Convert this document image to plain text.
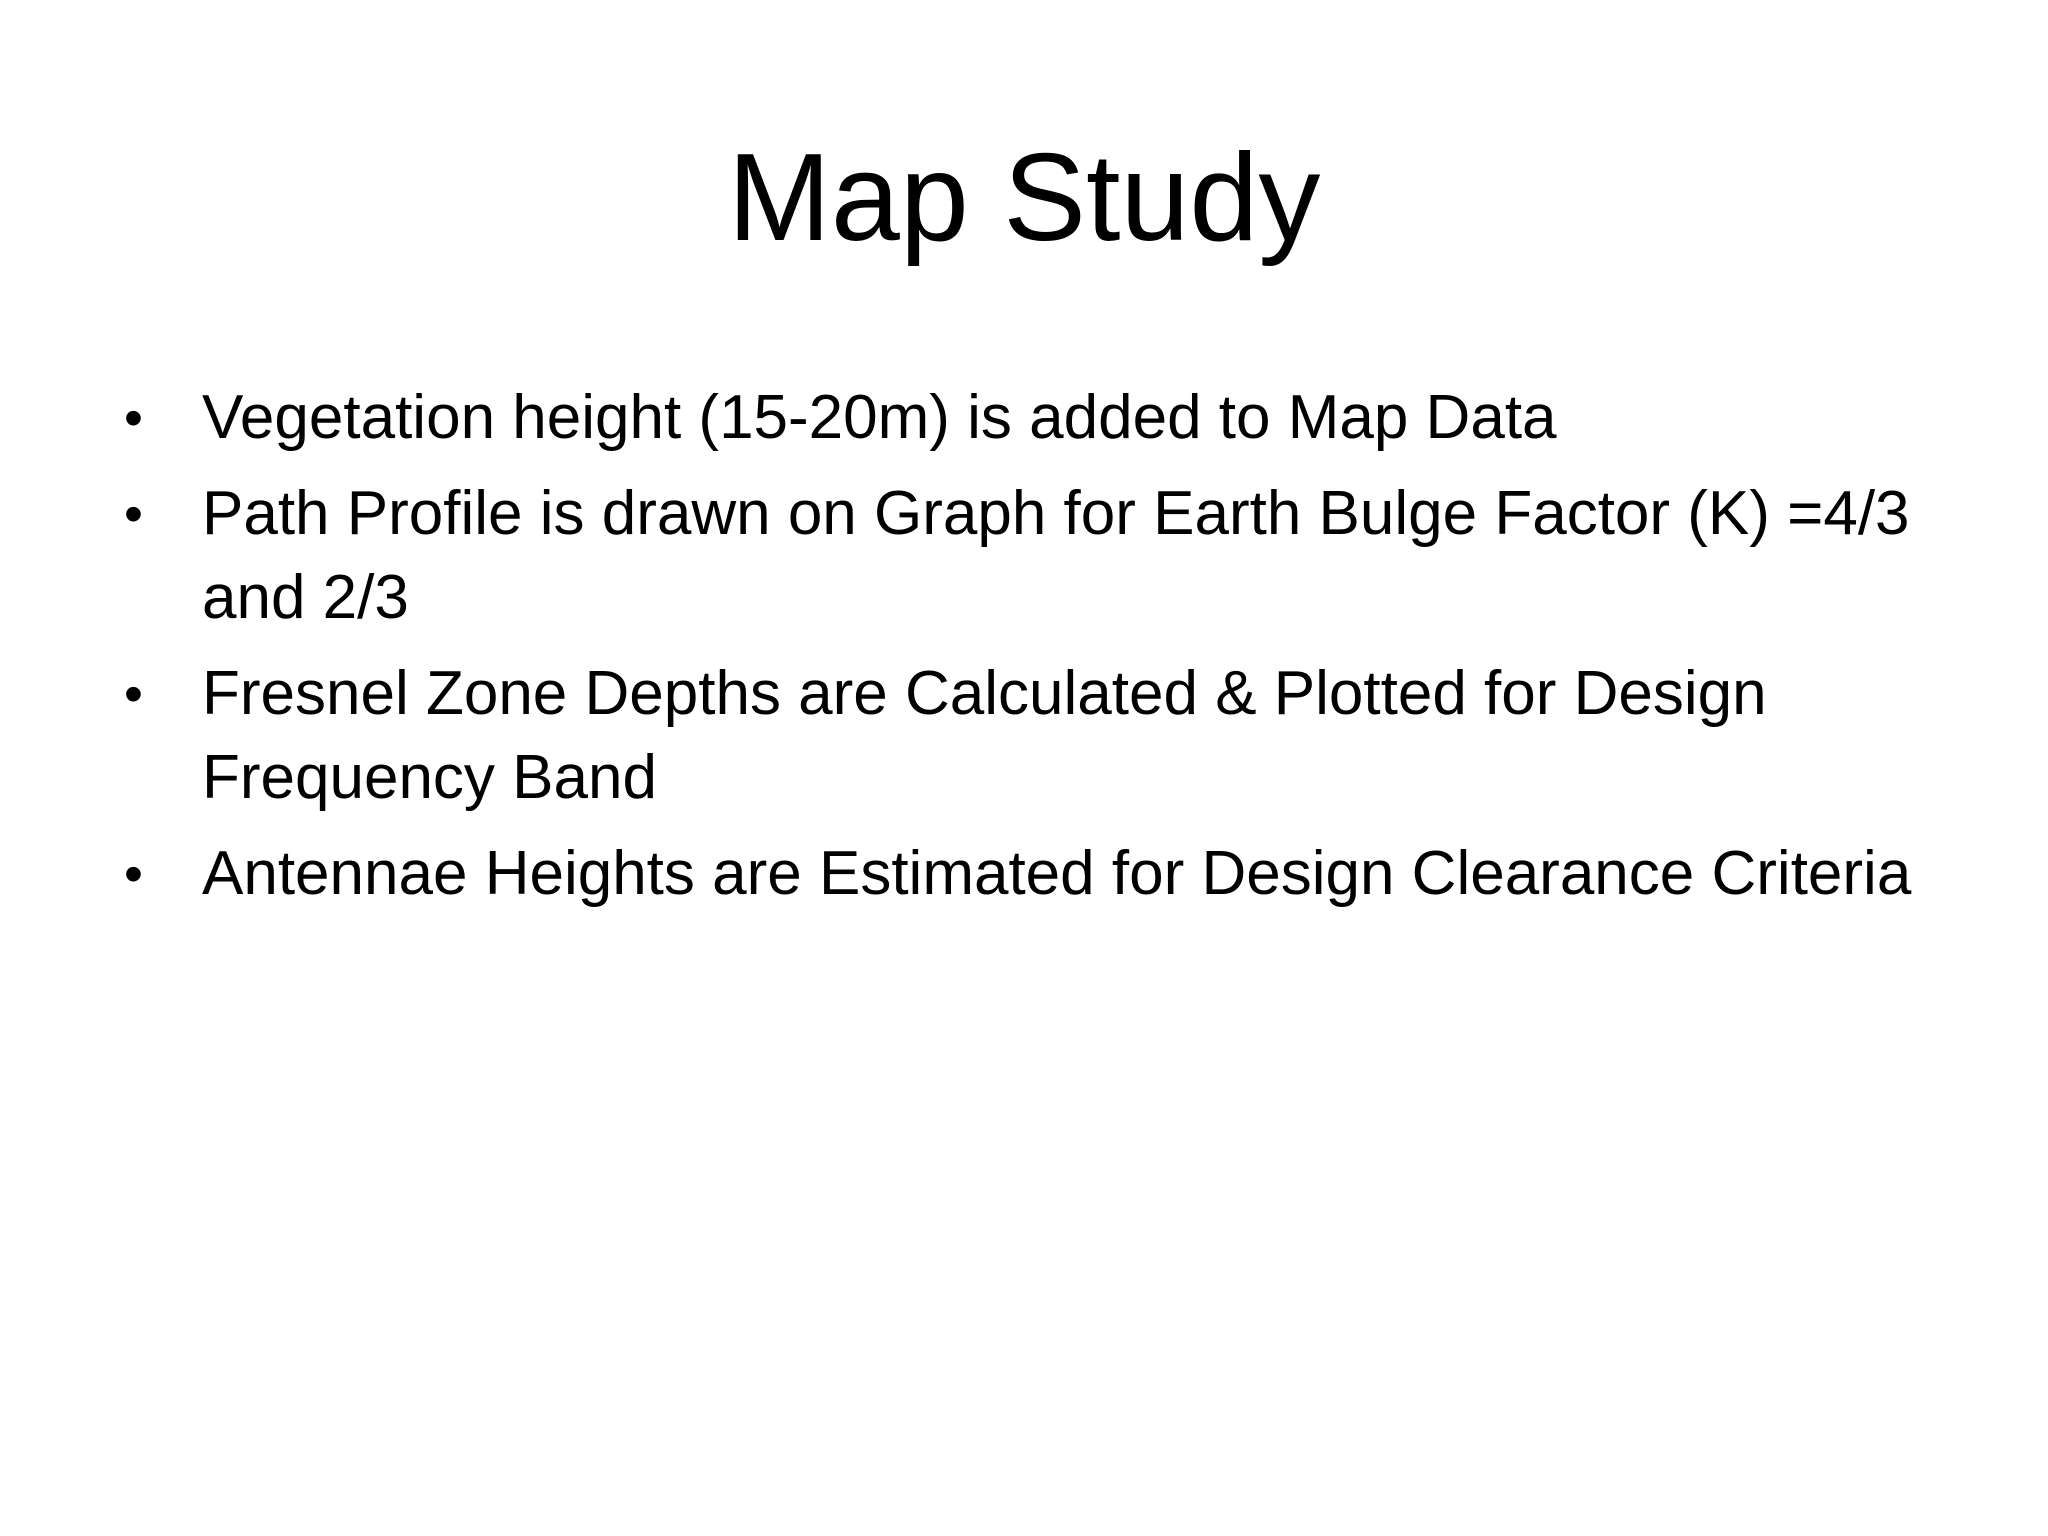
Map Study
• Vegetation height (15-20m) is added to Map Data
• Path Profile is drawn on Graph for Earth Bulge Factor (K) =4/3 and 2/3
• Fresnel Zone Depths are Calculated & Plotted for Design Frequency Band
• Antennae Heights are Estimated for Design Clearance Criteria
